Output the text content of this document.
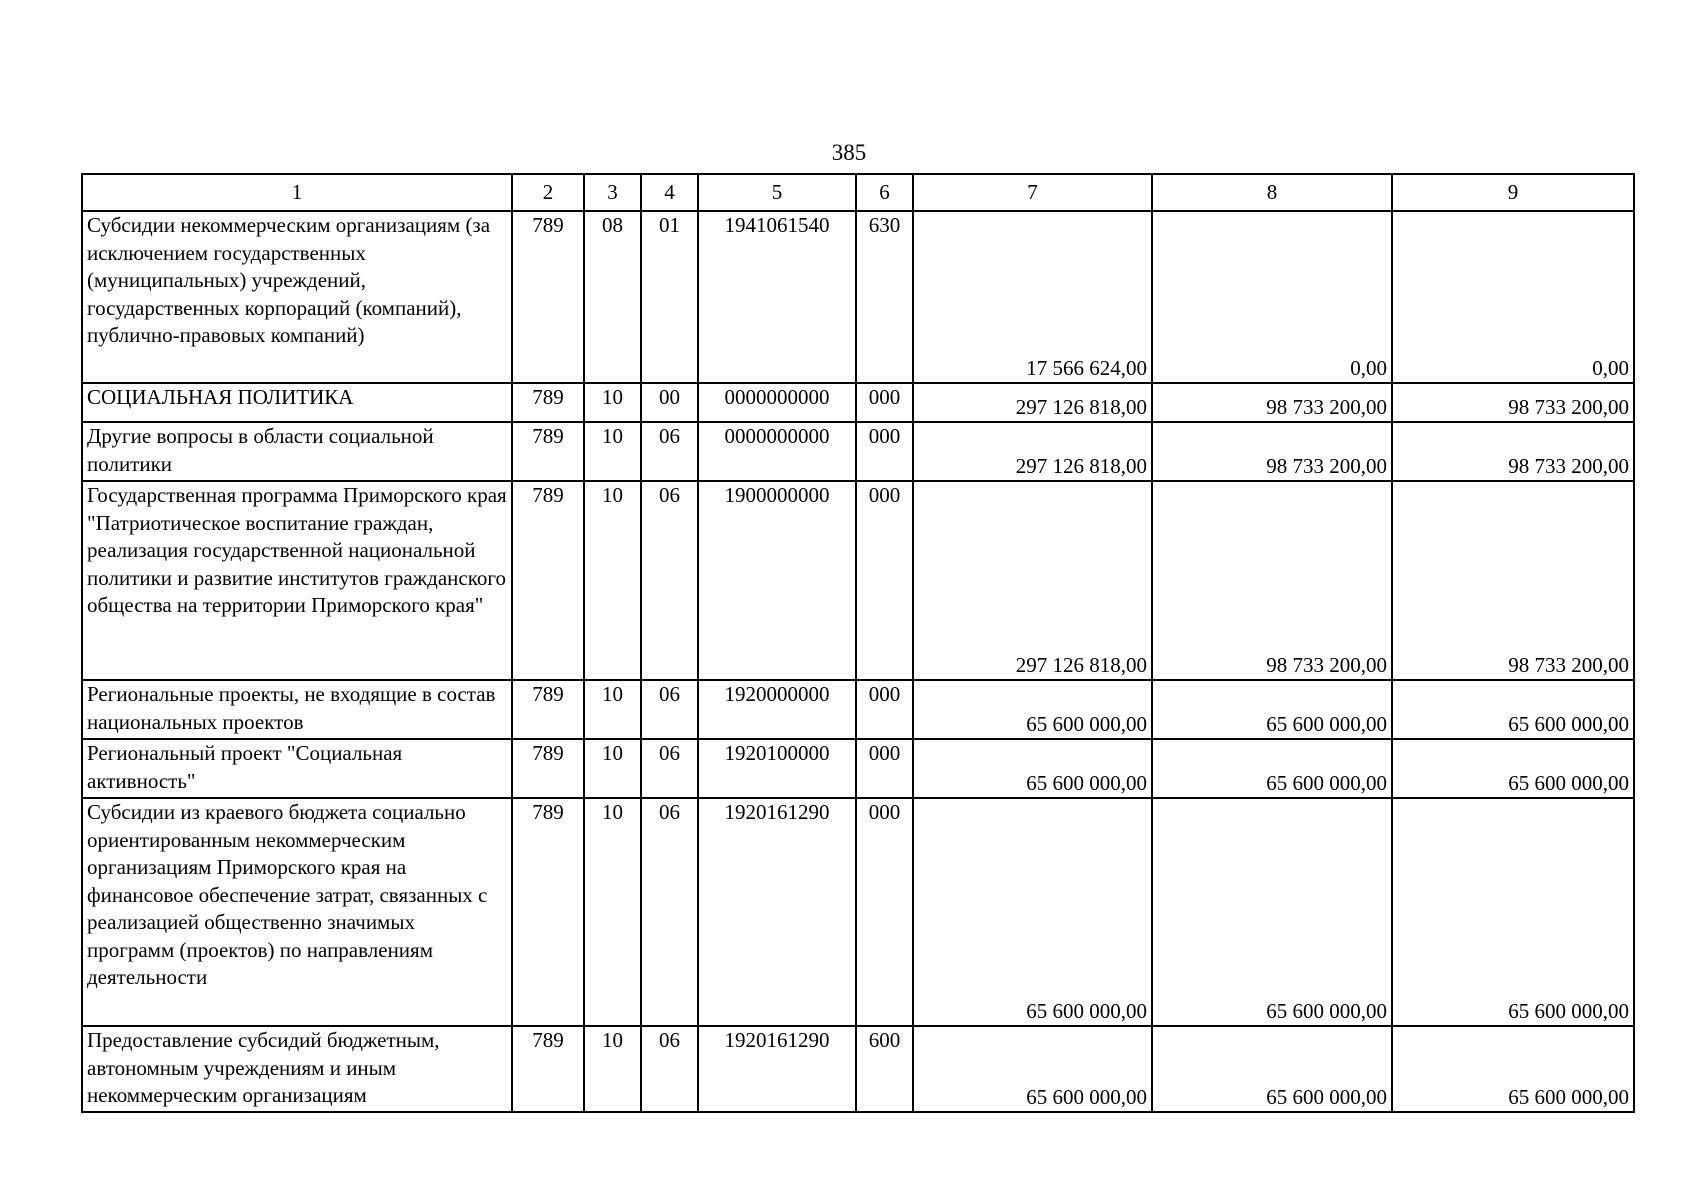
385
1	2	3	4	5	6	7	8	9
Субсидии некоммерческим организациям (за исключением государственных (муниципальных) учреждений, государственных корпораций (компаний), публично-правовых компаний)	789	08	01	1941061540	630	17 566 624,00	0,00	0,00
СОЦИАЛЬНАЯ ПОЛИТИКА	789	10	00	0000000000	000	297 126 818,00	98 733 200,00	98 733 200,00
Другие вопросы в области социальной политики	789	10	06	0000000000	000	297 126 818,00	98 733 200,00	98 733 200,00
Государственная программа Приморского края "Патриотическое воспитание граждан, реализация государственной национальной политики и развитие институтов гражданского общества на территории Приморского края"	789	10	06	1900000000	000	297 126 818,00	98 733 200,00	98 733 200,00
Региональные проекты, не входящие в состав национальных проектов	789	10	06	1920000000	000	65 600 000,00	65 600 000,00	65 600 000,00
Региональный проект "Социальная активность"	789	10	06	1920100000	000	65 600 000,00	65 600 000,00	65 600 000,00
Субсидии из краевого бюджета социально ориентированным некоммерческим организациям Приморского края на финансовое обеспечение затрат, связанных с реализацией общественно значимых программ (проектов) по направлениям деятельности	789	10	06	1920161290	000	65 600 000,00	65 600 000,00	65 600 000,00
Предоставление субсидий бюджетным, автономным учреждениям и иным некоммерческим организациям	789	10	06	1920161290	600	65 600 000,00	65 600 000,00	65 600 000,00
